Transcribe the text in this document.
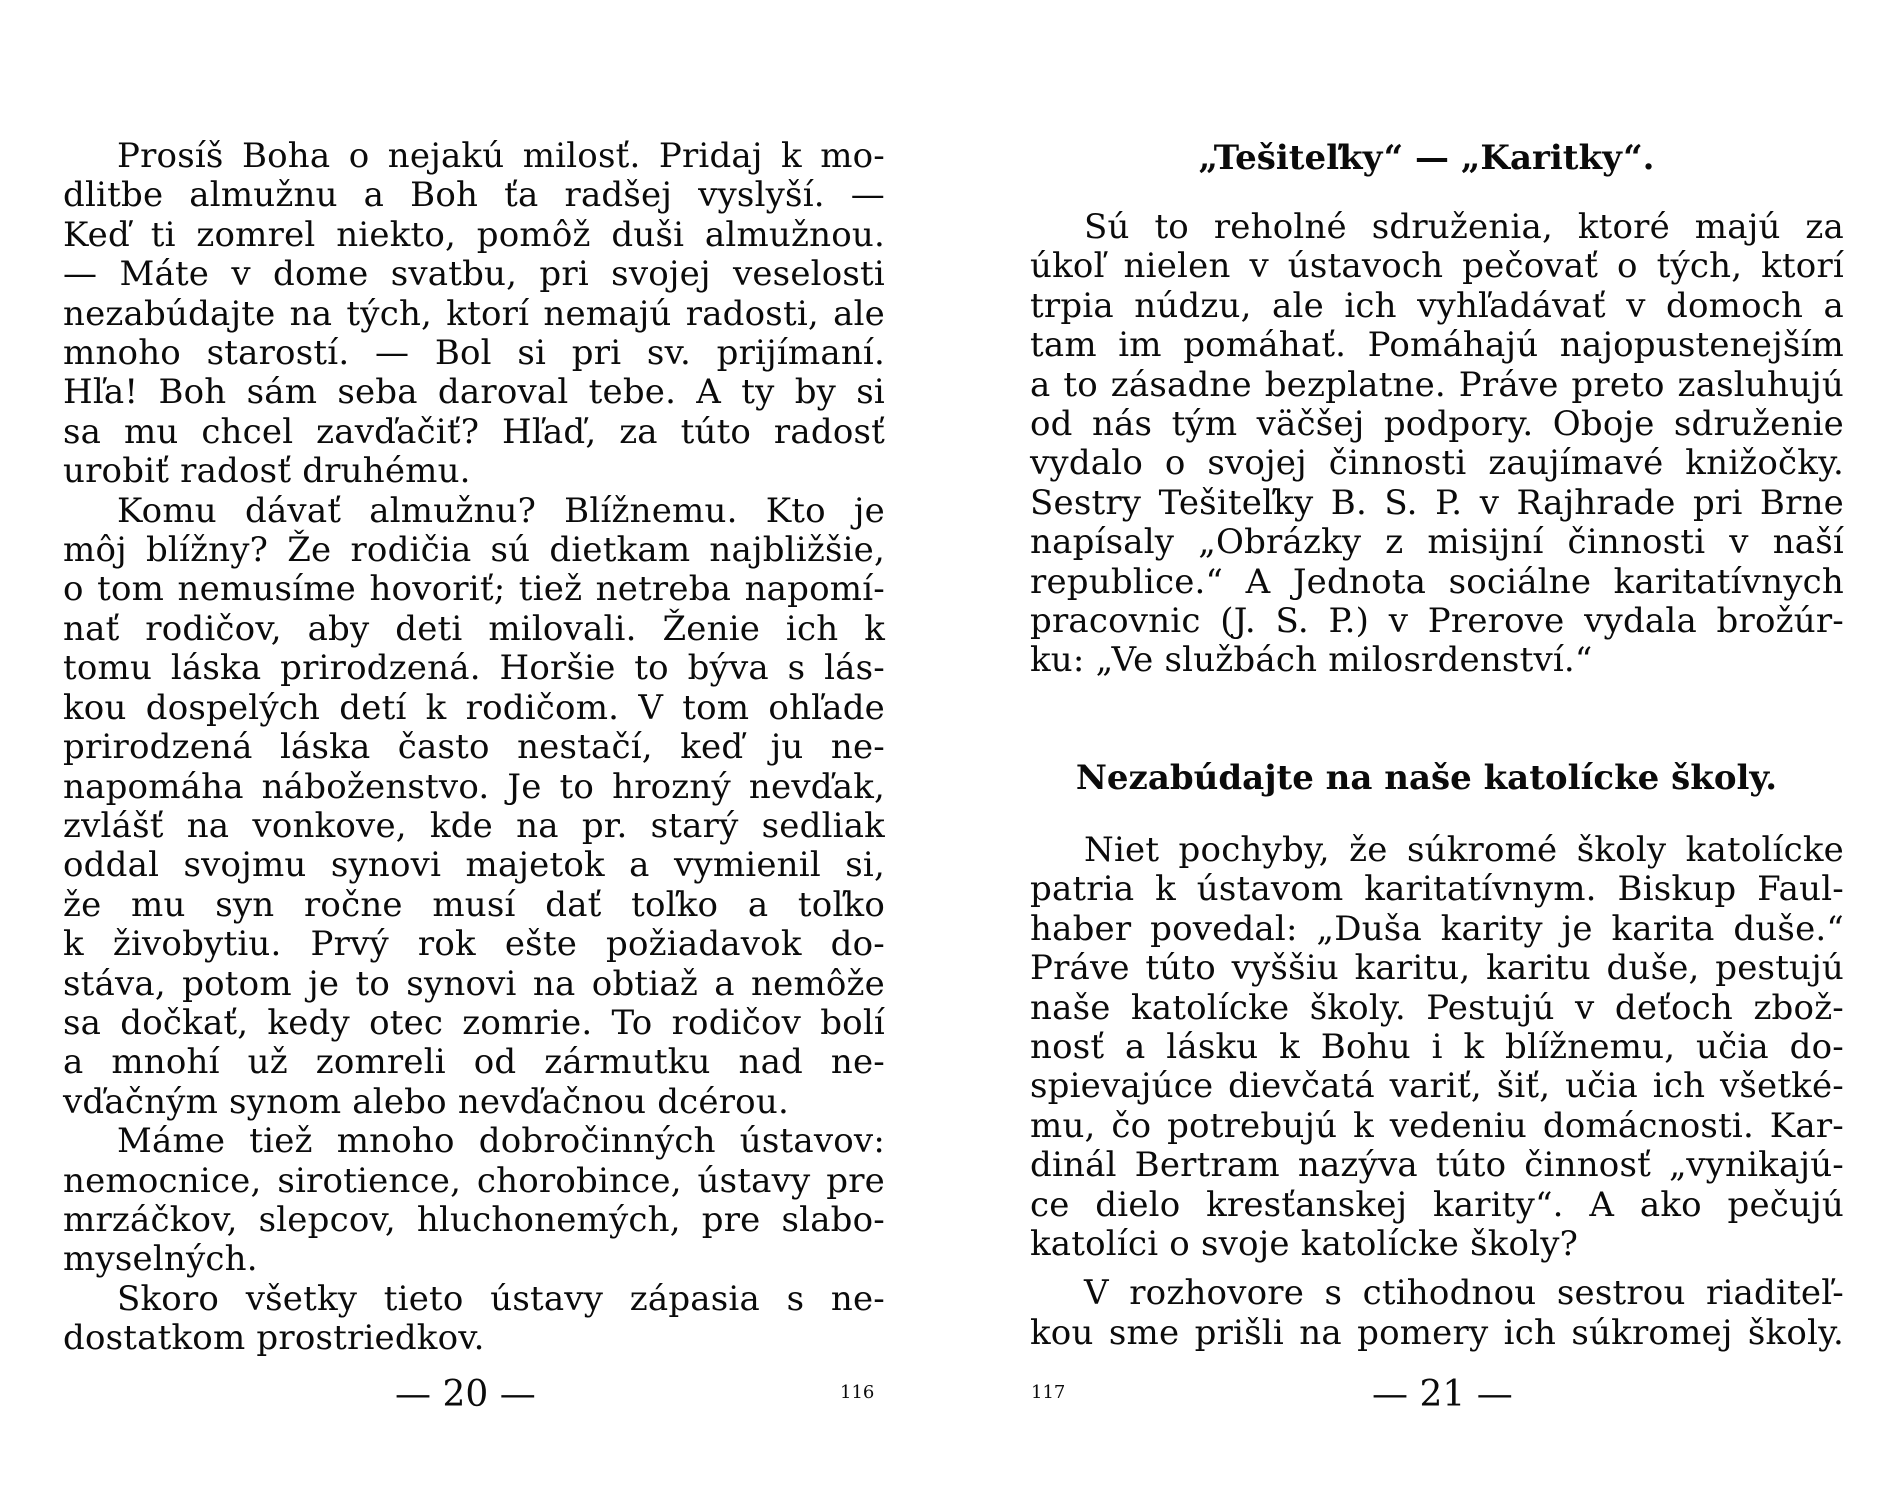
Prosíš Boha o nejakú milosť. Pridaj k mo-
dlitbe almužnu a Boh ťa radšej vyslyší. —
Keď ti zomrel niekto, pomôž duši almužnou.
— Máte v dome svatbu, pri svojej veselosti
nezabúdajte na tých, ktorí nemajú radosti, ale
mnoho starostí. — Bol si pri sv. prijímaní.
Hľa! Boh sám seba daroval tebe. A ty by si
sa mu chcel zavďačiť? Hľaď, za túto radosť
urobiť radosť druhému.
Komu dávať almužnu? Blížnemu. Kto je
môj blížny? Že rodičia sú dietkam najbližšie,
o tom nemusíme hovoriť; tiež netreba napomí-
nať rodičov, aby deti milovali. Ženie ich k
tomu láska prirodzená. Horšie to býva s lás-
kou dospelých detí k rodičom. V tom ohľade
prirodzená láska často nestačí, keď ju ne-
napomáha náboženstvo. Je to hrozný nevďak,
zvlášť na vonkove, kde na pr. starý sedliak
oddal svojmu synovi majetok a vymienil si,
že mu syn ročne musí dať toľko a toľko
k živobytiu. Prvý rok ešte požiadavok do-
stáva, potom je to synovi na obtiaž a nemôže
sa dočkať, kedy otec zomrie. To rodičov bolí
a mnohí už zomreli od zármutku nad ne-
vďačným synom alebo nevďačnou dcérou.
Máme tiež mnoho dobročinných ústavov:
nemocnice, sirotience, chorobince, ústavy pre
mrzáčkov, slepcov, hluchonemých, pre slabo-
myselných.
Skoro všetky tieto ústavy zápasia s ne-
dostatkom prostriedkov.
— 20 —	116
„Tešiteľky“ — „Karitky“.
Sú to reholné sdruženia, ktoré majú za
úkoľ nielen v ústavoch pečovať o tých, ktorí
trpia núdzu, ale ich vyhľadávať v domoch a
tam im pomáhať. Pomáhajú najopustenejším
a to zásadne bezplatne. Práve preto zasluhujú
od nás tým väčšej podpory. Oboje sdruženie
vydalo o svojej činnosti zaujímavé knižočky.
Sestry Tešiteľky B. S. P. v Rajhrade pri Brne
napísaly „Obrázky z misijní činnosti v naší
republice.“ A Jednota sociálne karitatívnych
pracovnic (J. S. P.) v Prerove vydala brožúr-
ku: „Ve službách milosrdenství.“
Nezabúdajte na naše katolícke školy.
Niet pochyby, že súkromé školy katolícke
patria k ústavom karitatívnym. Biskup Faul-
haber povedal: „Duša karity je karita duše.“
Práve túto vyššiu karitu, karitu duše, pestujú
naše katolícke školy. Pestujú v deťoch zbož-
nosť a lásku k Bohu i k blížnemu, učia do-
spievajúce dievčatá variť, šiť, učia ich všetké-
mu, čo potrebujú k vedeniu domácnosti. Kar-
dinál Bertram nazýva túto činnosť „vynikajú-
ce dielo kresťanskej karity“. A ako pečujú
katolíci o svoje katolícke školy?
V rozhovore s ctihodnou sestrou riaditeľ-
kou sme prišli na pomery ich súkromej školy.
117	— 21 —
